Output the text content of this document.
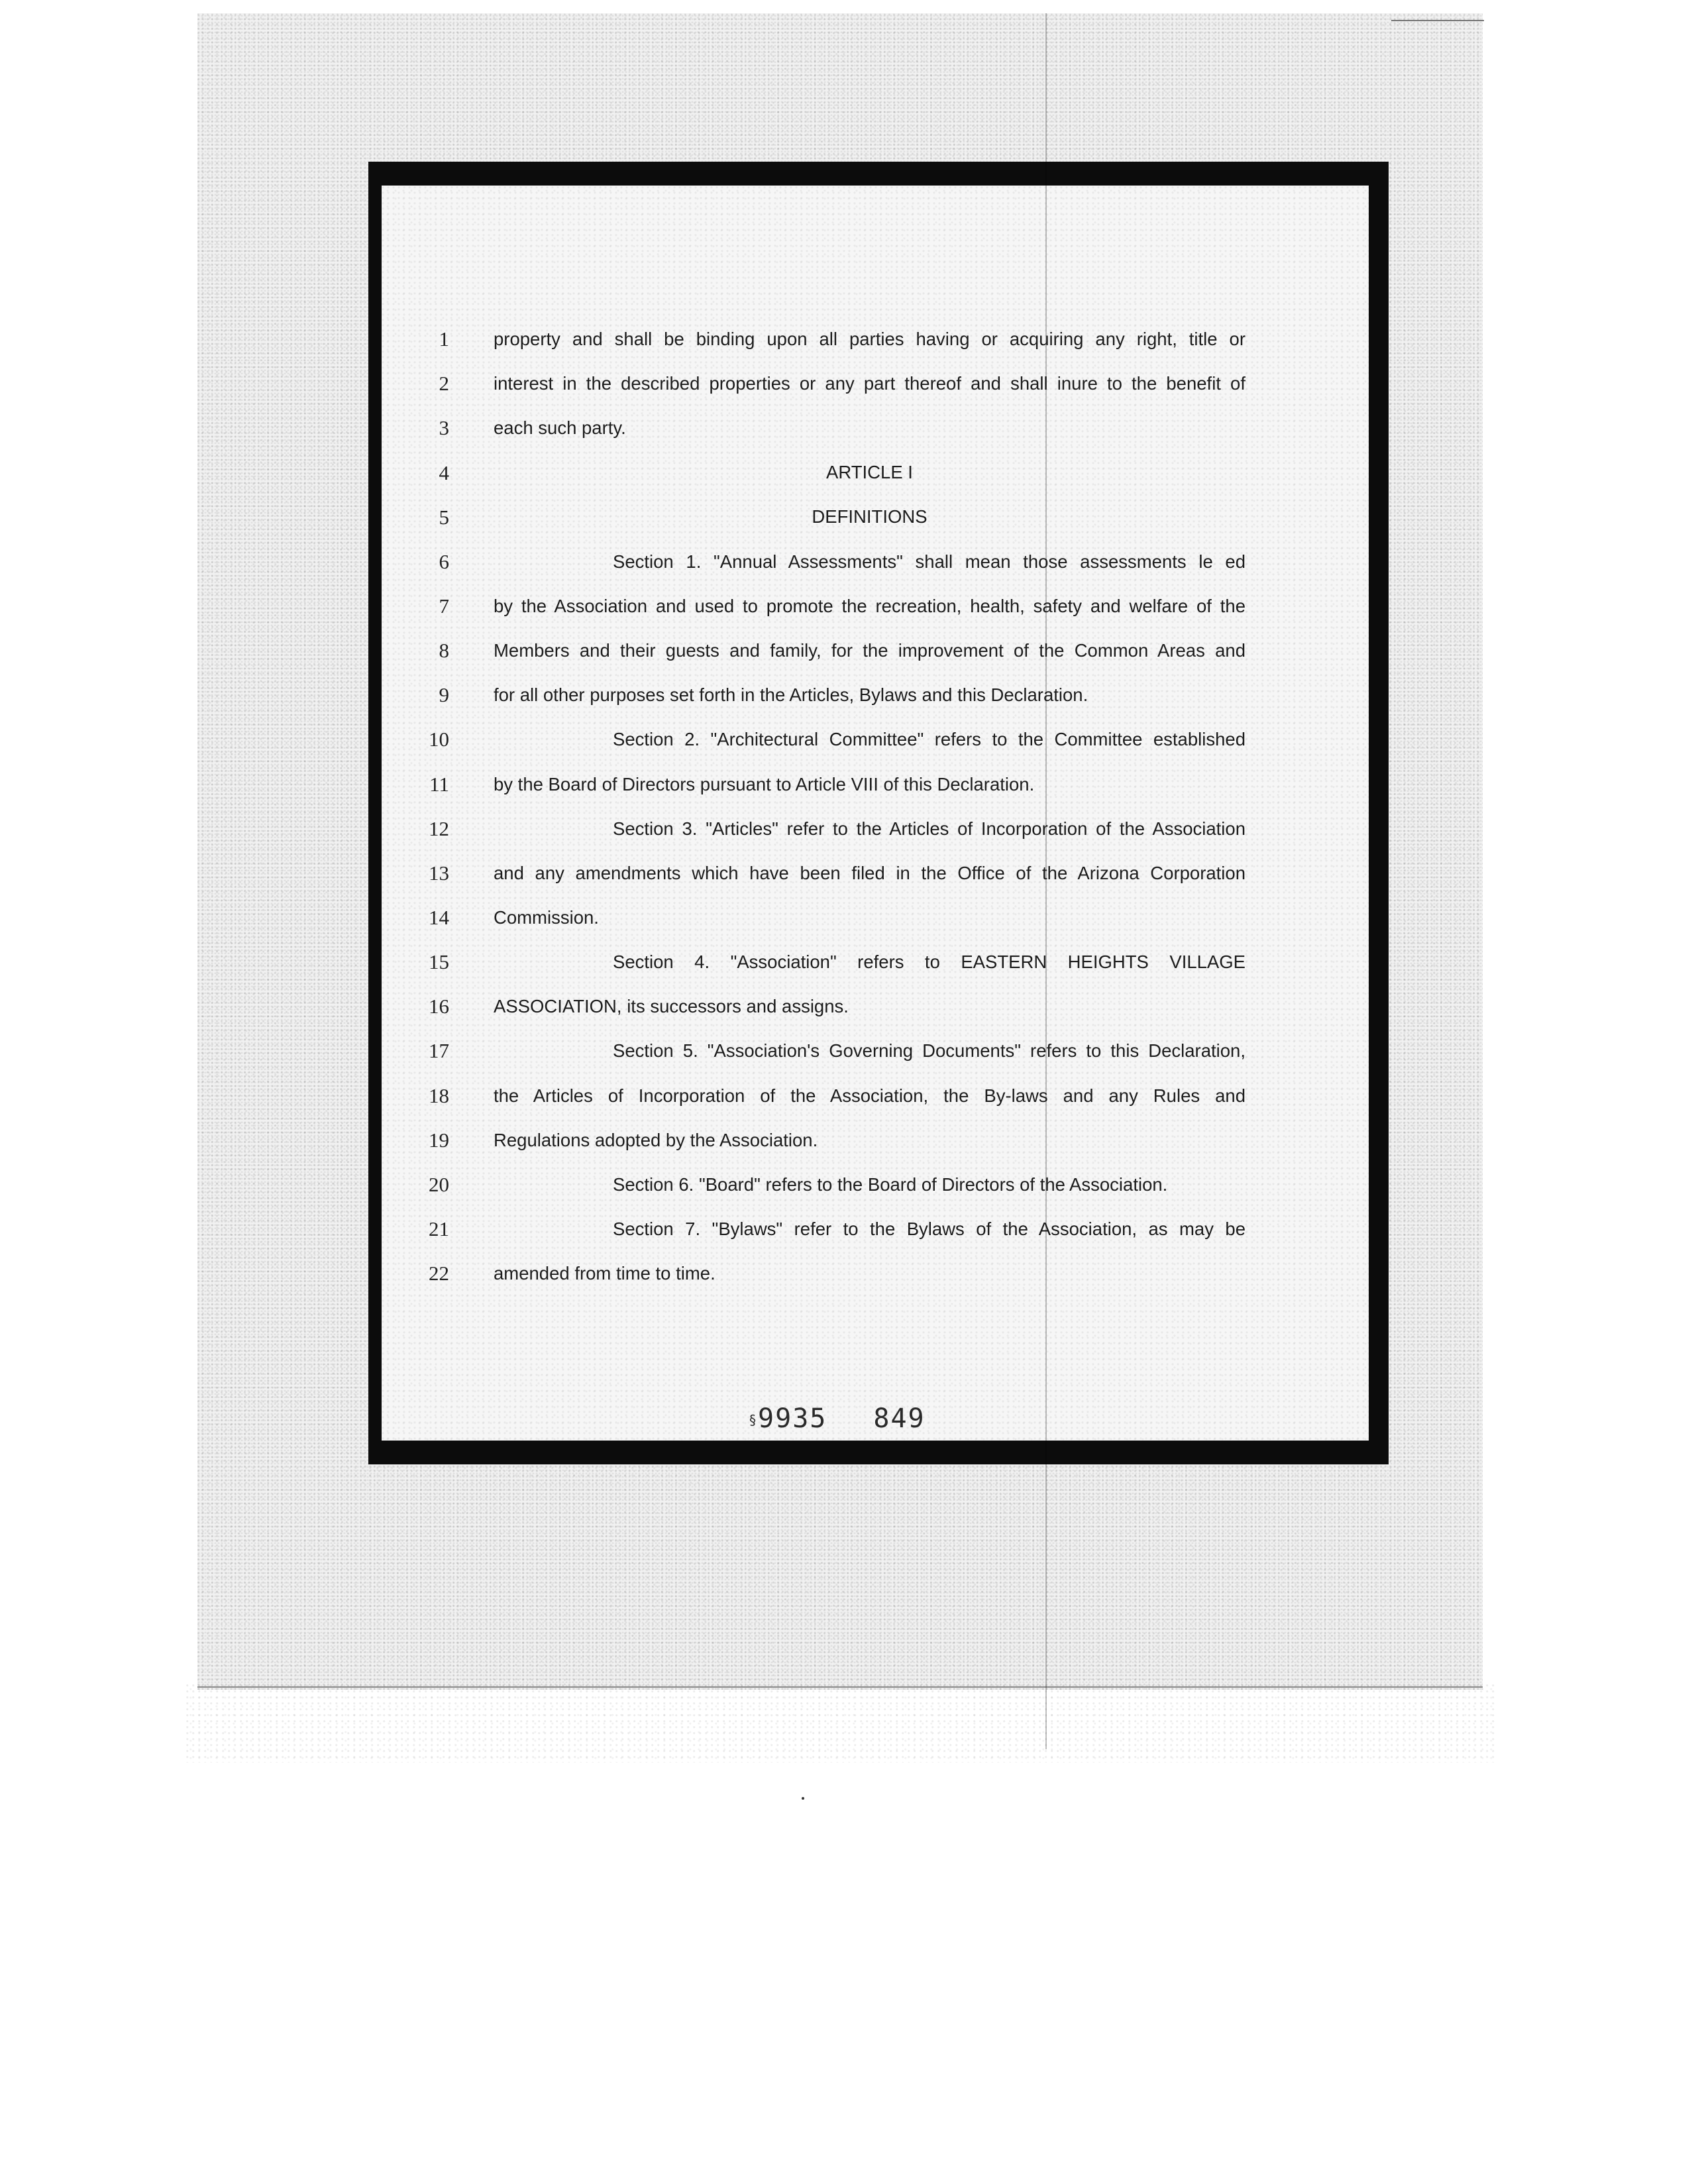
1
2
3
4
5
6
7
8
9
10
11
12
13
14
15
16
17
18
19
20
21
22
property and shall be binding upon all parties having or acquiring any right, title or
interest in the described properties or any part thereof and shall inure to the benefit of
each such party.
ARTICLE I
DEFINITIONS
Section 1. "Annual Assessments" shall mean those assessments le ed
by the Association and used to promote the recreation, health, safety and welfare of the
Members and their guests and family, for the improvement of the Common Areas and
for all other purposes set forth in the Articles, Bylaws and this Declaration.
Section 2. "Architectural Committee" refers to the Committee established
by the Board of Directors pursuant to Article VIII of this Declaration.
Section 3. "Articles" refer to the Articles of Incorporation of the Association
and any amendments which have been filed in the Office of the Arizona Corporation
Commission.
Section 4. "Association" refers to EASTERN HEIGHTS VILLAGE
ASSOCIATION, its successors and assigns.
Section 5. "Association's Governing Documents" refers to this Declaration,
the Articles of Incorporation of the Association, the By-laws and any Rules and
Regulations adopted by the Association.
Section 6. "Board" refers to the Board of Directors of the Association.
Section 7. "Bylaws" refer to the Bylaws of the Association, as may be
amended from time to time.
§9935 849
